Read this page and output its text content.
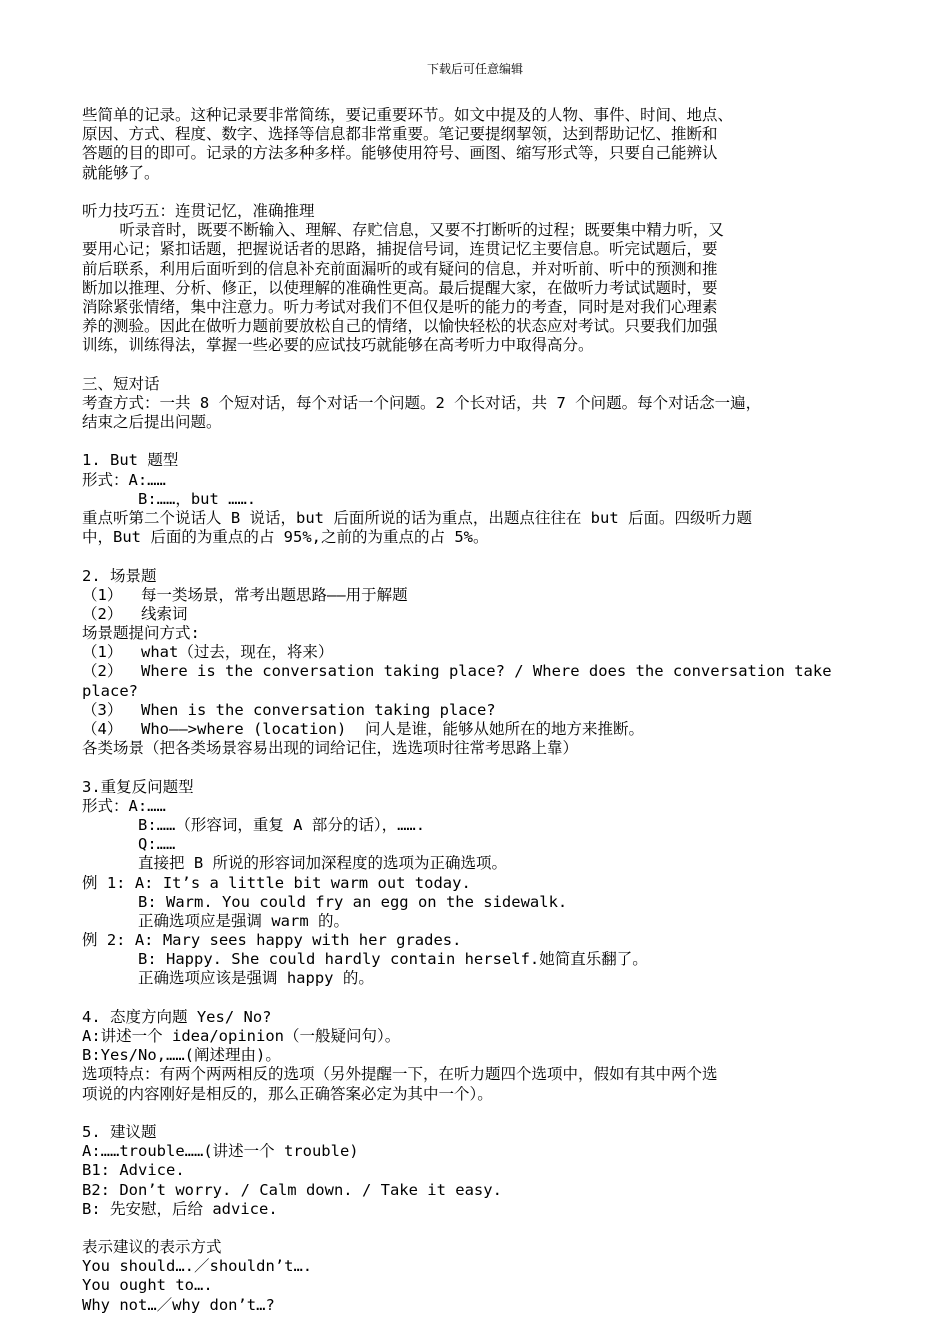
下载后可任意编辑
些简单的记录。这种记录要非常简练，要记重要环节。如文中提及的人物、事件、时间、地点、
原因、方式、程度、数字、选择等信息都非常重要。笔记要提纲挈领，达到帮助记忆、推断和
答题的目的即可。记录的方法多种多样。能够使用符号、画图、缩写形式等，只要自己能辨认
就能够了。
听力技巧五：连贯记忆，准确推理
听录音时，既要不断输入、理解、存贮信息，又要不打断听的过程；既要集中精力听，又
要用心记；紧扣话题，把握说话者的思路，捕捉信号词，连贯记忆主要信息。听完试题后，要
前后联系，利用后面听到的信息补充前面漏听的或有疑问的信息，并对听前、听中的预测和推
断加以推理、分析、修正，以使理解的准确性更高。最后提醒大家，在做听力考试试题时，要
消除紧张情绪，集中注意力。听力考试对我们不但仅是听的能力的考查，同时是对我们心理素
养的测验。因此在做听力题前要放松自己的情绪，以愉快轻松的状态应对考试。只要我们加强
训练，训练得法，掌握一些必要的应试技巧就能够在高考听力中取得高分。
三、短对话
考查方式：一共 8 个短对话，每个对话一个问题。2 个长对话，共 7 个问题。每个对话念一遍，
结束之后提出问题。
1. But 题型
形式：A:……
B:……，but …….
重点听第二个说话人 B 说话，but 后面所说的话为重点，出题点往往在 but 后面。四级听力题
中，But 后面的为重点的占 95%,之前的为重点的占 5%。
2. 场景题
（1）  每一类场景，常考出题思路——用于解题
（2）  线索词
场景题提问方式:
（1）  what（过去，现在，将来）
（2）  Where is the conversation taking place? / Where does the conversation take
place?
（3）  When is the conversation taking place?
（4）  Who——>where (location)  问人是谁，能够从她所在的地方来推断。
各类场景（把各类场景容易出现的词给记住，选选项时往常考思路上靠）
3.重复反问题型
形式：A:……
B:……（形容词，重复 A 部分的话），…….
Q:……
直接把 B 所说的形容词加深程度的选项为正确选项。
例 1: A: It’s a little bit warm out today.
B: Warm. You could fry an egg on the sidewalk.
正确选项应是强调 warm 的。
例 2: A: Mary sees happy with her grades.
B: Happy. She could hardly contain herself.她简直乐翻了。
正确选项应该是强调 happy 的。
4. 态度方向题 Yes/ No?
A:讲述一个 idea/opinion（一般疑问句）。
B:Yes/No,……(阐述理由)。
选项特点：有两个两两相反的选项（另外提醒一下，在听力题四个选项中，假如有其中两个选
项说的内容刚好是相反的，那么正确答案必定为其中一个）。
5. 建议题
A:……trouble……(讲述一个 trouble)
B1: Advice.
B2: Don’t worry. / Calm down. / Take it easy.
B: 先安慰，后给 advice.
表示建议的表示方式
You should….／shouldn’t….
You ought to….
Why not…／why don’t…?
